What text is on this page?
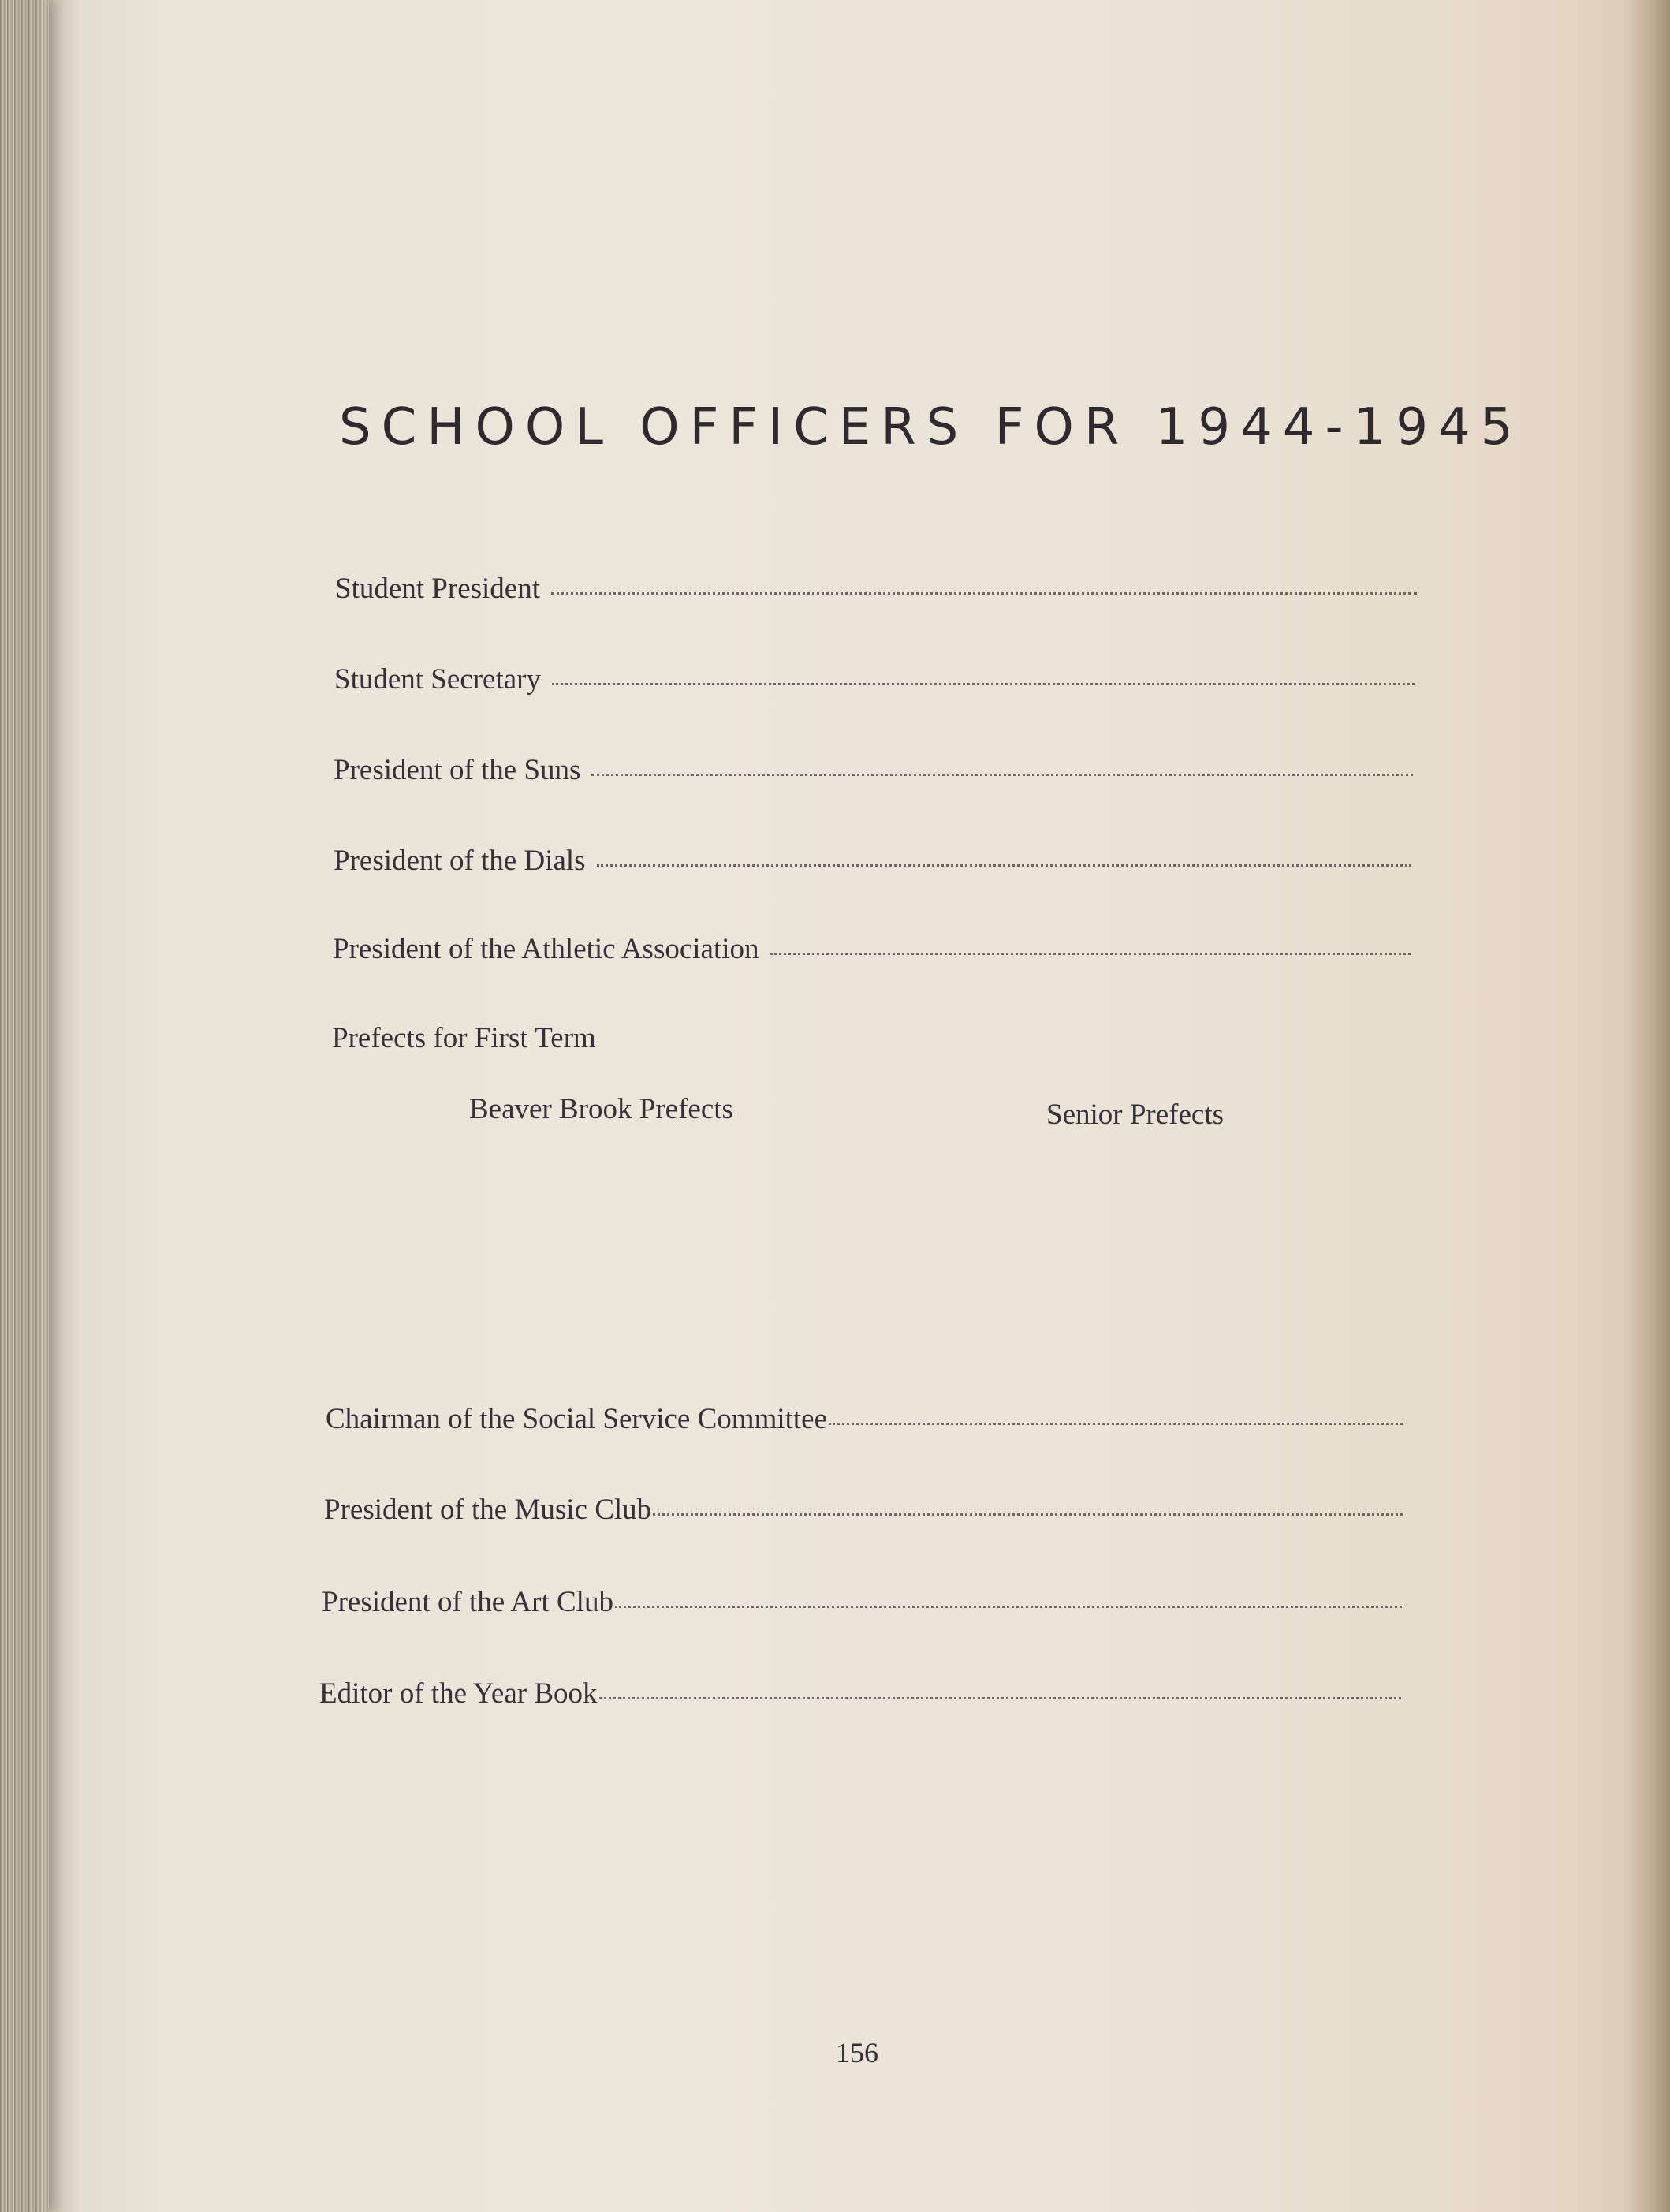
SCHOOL OFFICERS FOR 1944-1945
Student President
Student Secretary
President of the Suns
President of the Dials
President of the Athletic Association
Prefects for First Term
Beaver Brook Prefects	Senior Prefects
Chairman of the Social Service Committee
President of the Music Club
President of the Art Club
Editor of the Year Book
156
